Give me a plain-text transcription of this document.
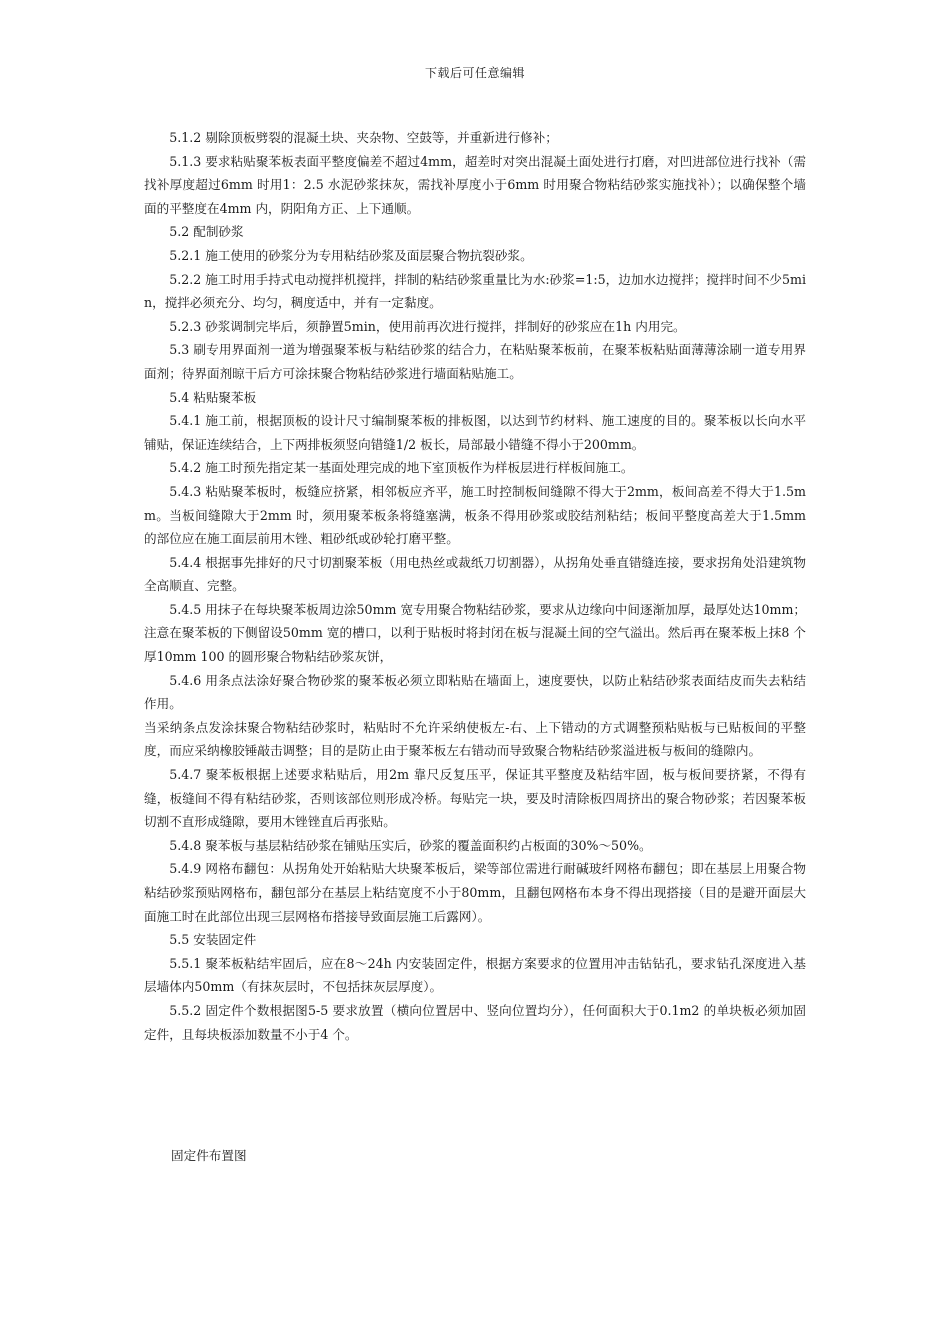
下载后可任意编辑

5.1.2 剔除顶板劈裂的混凝土块、夹杂物、空鼓等，并重新进行修补；

5.1.3 要求粘贴聚苯板表面平整度偏差不超过4mm，超差时对突出混凝土面处进行打磨，对凹进部位进行找补（需找补厚度超过6mm 时用1：2.5 水泥砂浆抹灰，需找补厚度小于6mm 时用聚合物粘结砂浆实施找补）；以确保整个墙面的平整度在4mm 内，阴阳角方正、上下通顺。

5.2 配制砂浆

5.2.1 施工使用的砂浆分为专用粘结砂浆及面层聚合物抗裂砂浆。

5.2.2 施工时用手持式电动搅拌机搅拌，拌制的粘结砂浆重量比为水:砂浆=1:5，边加水边搅拌；搅拌时间不少5min，搅拌必须充分、均匀，稠度适中，并有一定黏度。

5.2.3 砂浆调制完毕后，须静置5min，使用前再次进行搅拌，拌制好的砂浆应在1h 内用完。

5.3 刷专用界面剂一道为增强聚苯板与粘结砂浆的结合力，在粘贴聚苯板前，在聚苯板粘贴面薄薄涂刷一道专用界面剂；待界面剂晾干后方可涂抹聚合物粘结砂浆进行墙面粘贴施工。

5.4 粘贴聚苯板

5.4.1 施工前，根据顶板的设计尺寸编制聚苯板的排板图，以达到节约材料、施工速度的目的。聚苯板以长向水平铺贴，保证连续结合，上下两排板须竖向错缝1/2 板长，局部最小错缝不得小于200mm。

5.4.2 施工时预先指定某一基面处理完成的地下室顶板作为样板层进行样板间施工。

5.4.3 粘贴聚苯板时，板缝应挤紧，相邻板应齐平，施工时控制板间缝隙不得大于2mm，板间高差不得大于1.5mm。当板间缝隙大于2mm 时，须用聚苯板条将缝塞满，板条不得用砂浆或胶结剂粘结；板间平整度高差大于1.5mm 的部位应在施工面层前用木锉、粗砂纸或砂轮打磨平整。

5.4.4 根据事先排好的尺寸切割聚苯板（用电热丝或裁纸刀切割器），从拐角处垂直错缝连接，要求拐角处沿建筑物全高顺直、完整。

5.4.5 用抹子在每块聚苯板周边涂50mm 宽专用聚合物粘结砂浆，要求从边缘向中间逐渐加厚，最厚处达10mm；注意在聚苯板的下侧留设50mm 宽的槽口，以利于贴板时将封闭在板与混凝土间的空气溢出。然后再在聚苯板上抹8 个厚10mm 100 的圆形聚合物粘结砂浆灰饼，

5.4.6 用条点法涂好聚合物砂浆的聚苯板必须立即粘贴在墙面上，速度要快，以防止粘结砂浆表面结皮而失去粘结作用。

当采纳条点发涂抹聚合物粘结砂浆时，粘贴时不允许采纳使板左-右、上下错动的方式调整预粘贴板与已贴板间的平整度，而应采纳橡胶锤敲击调整；目的是防止由于聚苯板左右错动而导致聚合物粘结砂浆溢进板与板间的缝隙内。

5.4.7 聚苯板根据上述要求粘贴后，用2m 靠尺反复压平，保证其平整度及粘结牢固，板与板间要挤紧，不得有缝，板缝间不得有粘结砂浆，否则该部位则形成冷桥。每贴完一块，要及时清除板四周挤出的聚合物砂浆；若因聚苯板切割不直形成缝隙，要用木锉锉直后再张贴。

5.4.8 聚苯板与基层粘结砂浆在铺贴压实后，砂浆的覆盖面积约占板面的30%～50%。

5.4.9 网格布翻包：从拐角处开始粘贴大块聚苯板后，梁等部位需进行耐碱玻纤网格布翻包；即在基层上用聚合物粘结砂浆预贴网格布，翻包部分在基层上粘结宽度不小于80mm，且翻包网格布本身不得出现搭接（目的是避开面层大面施工时在此部位出现三层网格布搭接导致面层施工后露网）。

5.5 安装固定件

5.5.1 聚苯板粘结牢固后，应在8～24h 内安装固定件，根据方案要求的位置用冲击钻钻孔，要求钻孔深度进入基层墙体内50mm（有抹灰层时，不包括抹灰层厚度）。

5.5.2 固定件个数根据图5-5 要求放置（横向位置居中、竖向位置均分），任何面积大于0.1m2 的单块板必须加固定件，且每块板添加数量不小于4 个。

固定件布置图
